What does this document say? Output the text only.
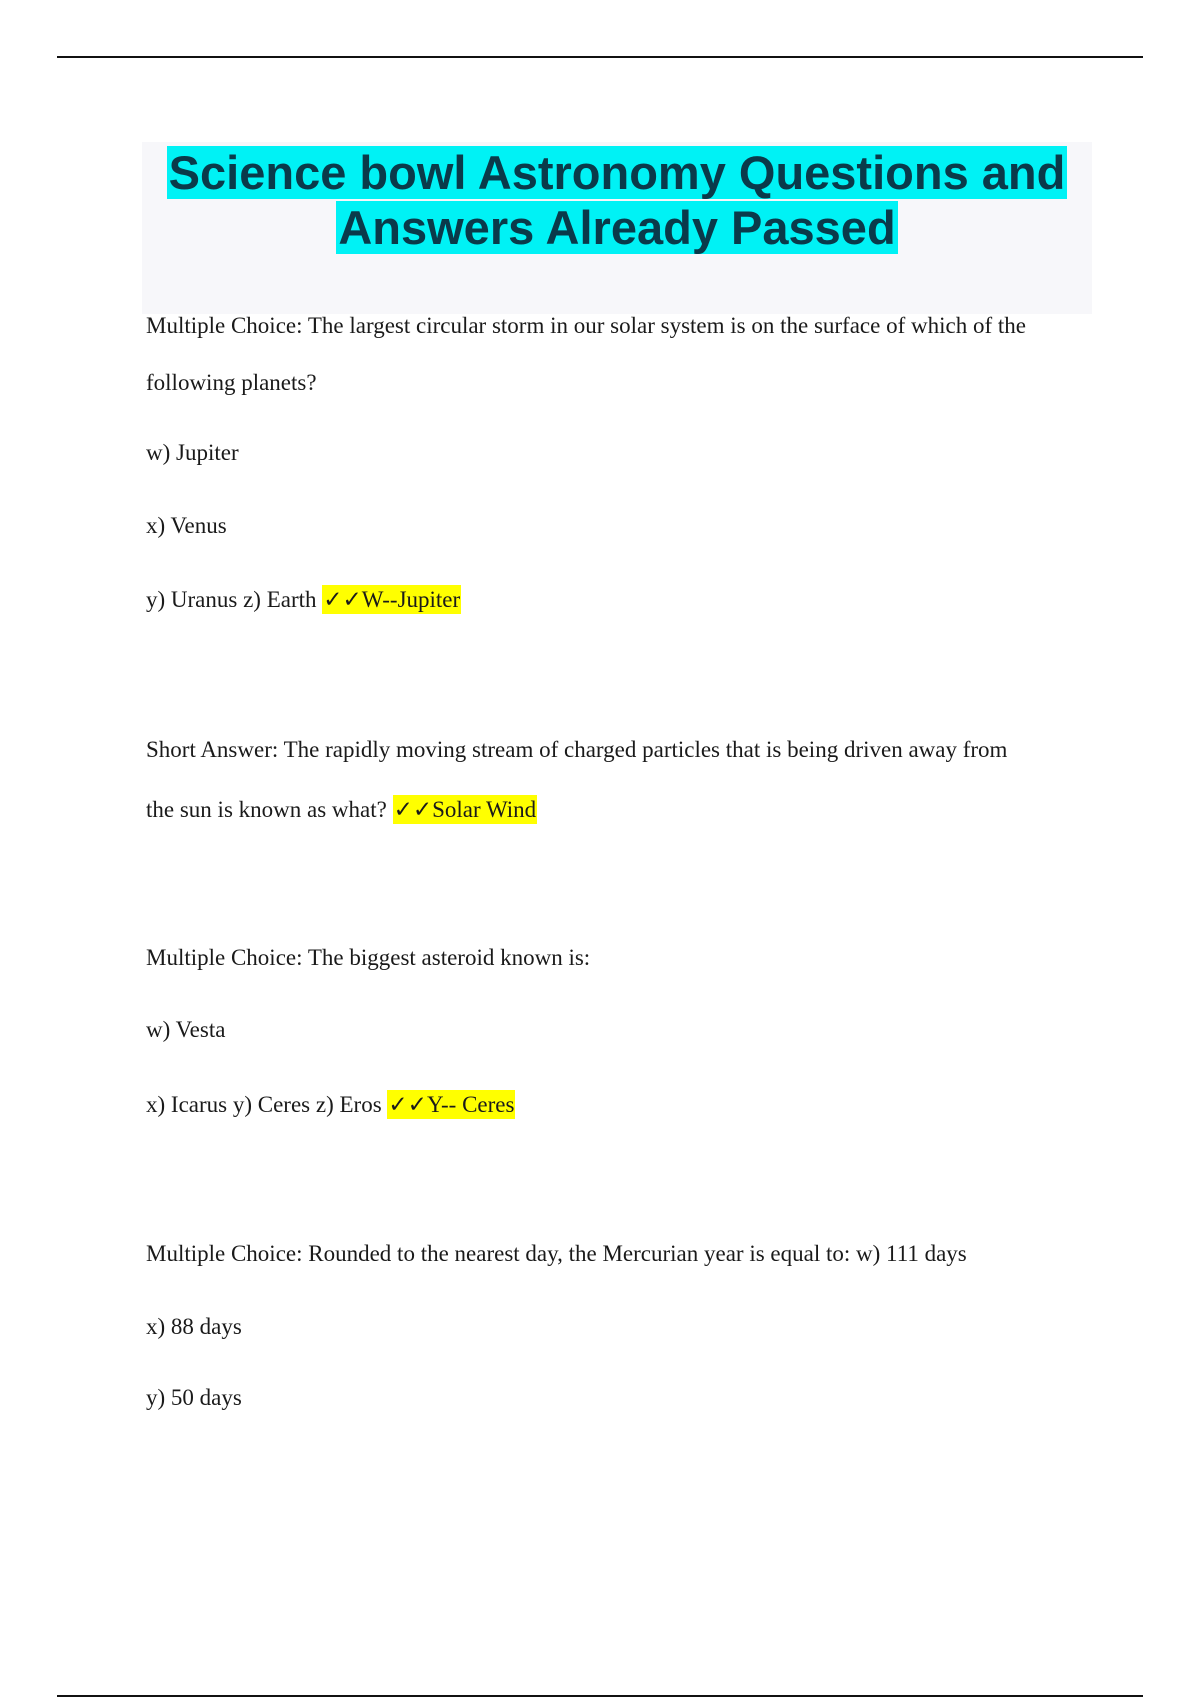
Science bowl Astronomy Questions and Answers Already Passed
Multiple Choice: The largest circular storm in our solar system is on the surface of which of the
following planets?
w) Jupiter
x) Venus
y) Uranus z) Earth ✓✓W--Jupiter
Short Answer: The rapidly moving stream of charged particles that is being driven away from
the sun is known as what? ✓✓Solar Wind
Multiple Choice: The biggest asteroid known is:
w) Vesta
x) Icarus y) Ceres z) Eros ✓✓Y-- Ceres
Multiple Choice: Rounded to the nearest day, the Mercurian year is equal to: w) 111 days
x) 88 days
y) 50 days
